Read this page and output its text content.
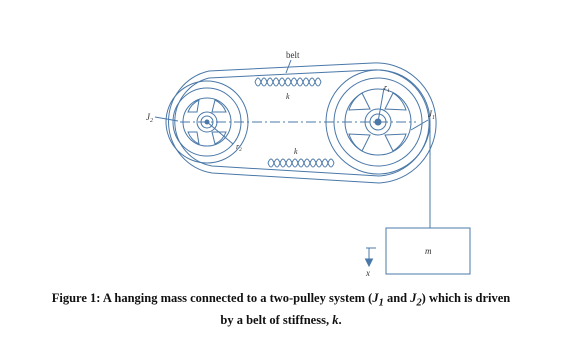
belt
k
k
$J_2$
$J_1$
$r_1$
$r_2$
m
x
Figure 1: A hanging mass connected to a two-pulley system ($J_1$ and $J_2$) which is driven
by a belt of stiffness, k.
